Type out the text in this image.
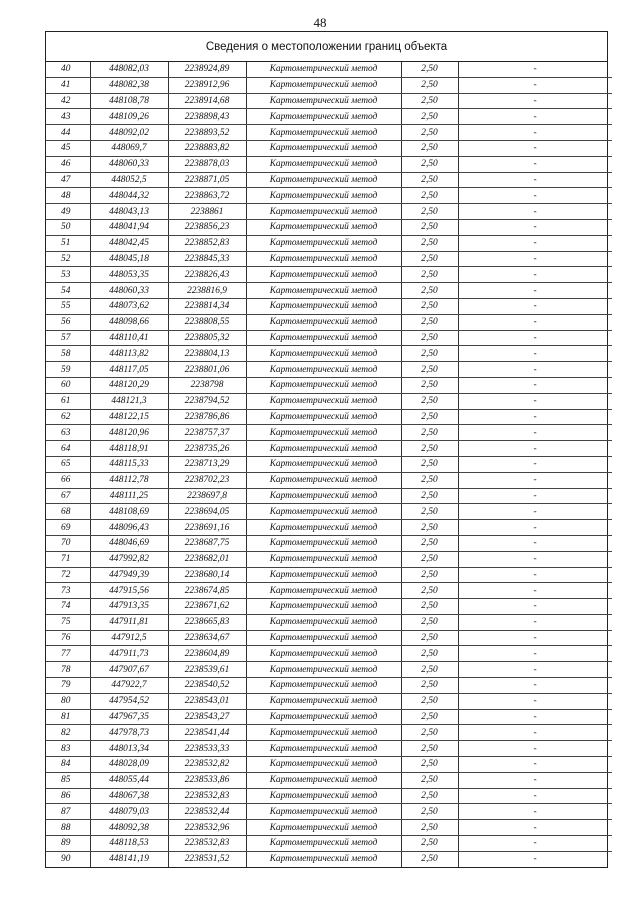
48
Сведения о местоположении границ объекта
40	448082,03	2238924,89	Картометрический метод	2,50	-
41	448082,38	2238912,96	Картометрический метод	2,50	-
42	448108,78	2238914,68	Картометрический метод	2,50	-
43	448109,26	2238898,43	Картометрический метод	2,50	-
44	448092,02	2238893,52	Картометрический метод	2,50	-
45	448069,7	2238883,82	Картометрический метод	2,50	-
46	448060,33	2238878,03	Картометрический метод	2,50	-
47	448052,5	2238871,05	Картометрический метод	2,50	-
48	448044,32	2238863,72	Картометрический метод	2,50	-
49	448043,13	2238861	Картометрический метод	2,50	-
50	448041,94	2238856,23	Картометрический метод	2,50	-
51	448042,45	2238852,83	Картометрический метод	2,50	-
52	448045,18	2238845,33	Картометрический метод	2,50	-
53	448053,35	2238826,43	Картометрический метод	2,50	-
54	448060,33	2238816,9	Картометрический метод	2,50	-
55	448073,62	2238814,34	Картометрический метод	2,50	-
56	448098,66	2238808,55	Картометрический метод	2,50	-
57	448110,41	2238805,32	Картометрический метод	2,50	-
58	448113,82	2238804,13	Картометрический метод	2,50	-
59	448117,05	2238801,06	Картометрический метод	2,50	-
60	448120,29	2238798	Картометрический метод	2,50	-
61	448121,3	2238794,52	Картометрический метод	2,50	-
62	448122,15	2238786,86	Картометрический метод	2,50	-
63	448120,96	2238757,37	Картометрический метод	2,50	-
64	448118,91	2238735,26	Картометрический метод	2,50	-
65	448115,33	2238713,29	Картометрический метод	2,50	-
66	448112,78	2238702,23	Картометрический метод	2,50	-
67	448111,25	2238697,8	Картометрический метод	2,50	-
68	448108,69	2238694,05	Картометрический метод	2,50	-
69	448096,43	2238691,16	Картометрический метод	2,50	-
70	448046,69	2238687,75	Картометрический метод	2,50	-
71	447992,82	2238682,01	Картометрический метод	2,50	-
72	447949,39	2238680,14	Картометрический метод	2,50	-
73	447915,56	2238674,85	Картометрический метод	2,50	-
74	447913,35	2238671,62	Картометрический метод	2,50	-
75	447911,81	2238665,83	Картометрический метод	2,50	-
76	447912,5	2238634,67	Картометрический метод	2,50	-
77	447911,73	2238604,89	Картометрический метод	2,50	-
78	447907,67	2238539,61	Картометрический метод	2,50	-
79	447922,7	2238540,52	Картометрический метод	2,50	-
80	447954,52	2238543,01	Картометрический метод	2,50	-
81	447967,35	2238543,27	Картометрический метод	2,50	-
82	447978,73	2238541,44	Картометрический метод	2,50	-
83	448013,34	2238533,33	Картометрический метод	2,50	-
84	448028,09	2238532,82	Картометрический метод	2,50	-
85	448055,44	2238533,86	Картометрический метод	2,50	-
86	448067,38	2238532,83	Картометрический метод	2,50	-
87	448079,03	2238532,44	Картометрический метод	2,50	-
88	448092,38	2238532,96	Картометрический метод	2,50	-
89	448118,53	2238532,83	Картометрический метод	2,50	-
90	448141,19	2238531,52	Картометрический метод	2,50	-
